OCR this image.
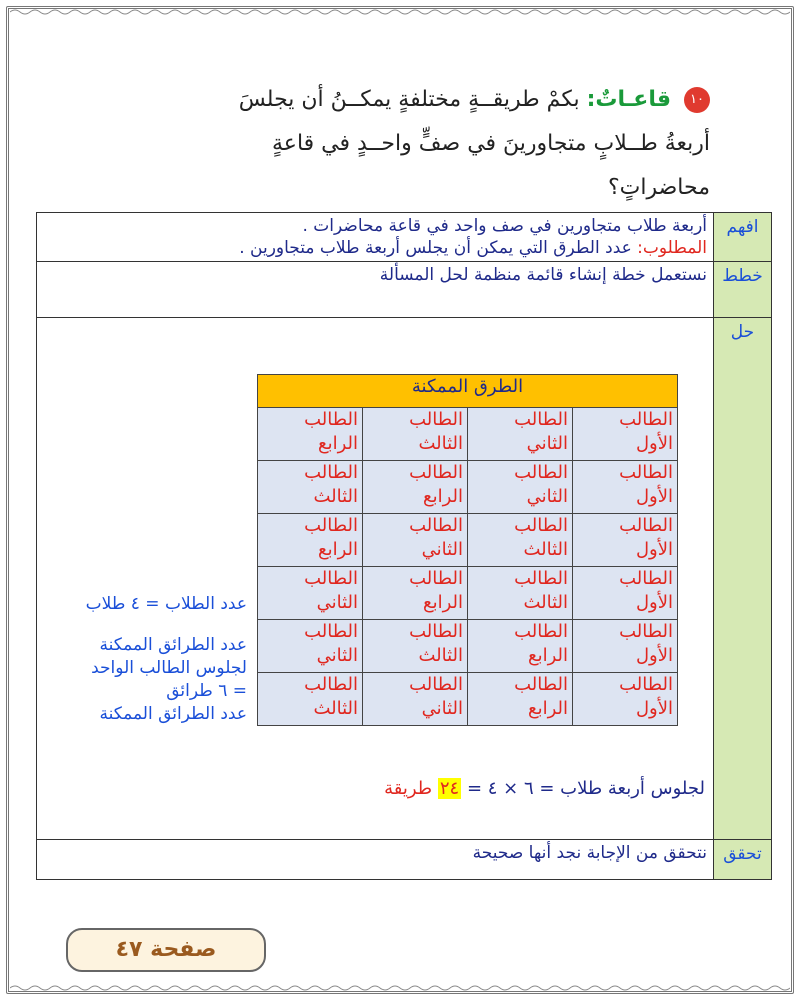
١٠ قاعـاتٌ: بكمْ طريقــةٍ مختلفةٍ يمكــنُ أن يجلسَ
أربعةُ طــلابٍ متجاورينَ في صفٍّ واحــدٍ في قاعةٍ
محاضراتٍ؟
افهم	
أربعة طلاب متجاورين في صف واحد في قاعة محاضرات .
المطلوب: عدد الطرق التي يمكن أن يجلس أربعة طلاب متجاورين .

خطط	نستعمل خطة إنشاء قائمة منظمة لحل المسألة
حل	
الطرق الممكنة
الطالب الأول	الطالب الثاني	الطالب الثالث	الطالب الرابع
الطالب الأول	الطالب الثاني	الطالب الرابع	الطالب الثالث
الطالب الأول	الطالب الثالث	الطالب الثاني	الطالب الرابع
الطالب الأول	الطالب الثالث	الطالب الرابع	الطالب الثاني
الطالب الأول	الطالب الرابع	الطالب الثالث	الطالب الثاني
الطالب الأول	الطالب الرابع	الطالب الثاني	الطالب الثالث
عدد الطلاب = ٤ طلاب
عدد الطرائق الممكنة
لجلوس الطالب الواحد
= ٦ طرائق
عدد الطرائق الممكنة
لجلوس أربعة طلاب = ٦ × ٤ = ٢٤ طريقة

تحقق	نتحقق من الإجابة نجد أنها صحيحة
صفحة ٤٧
